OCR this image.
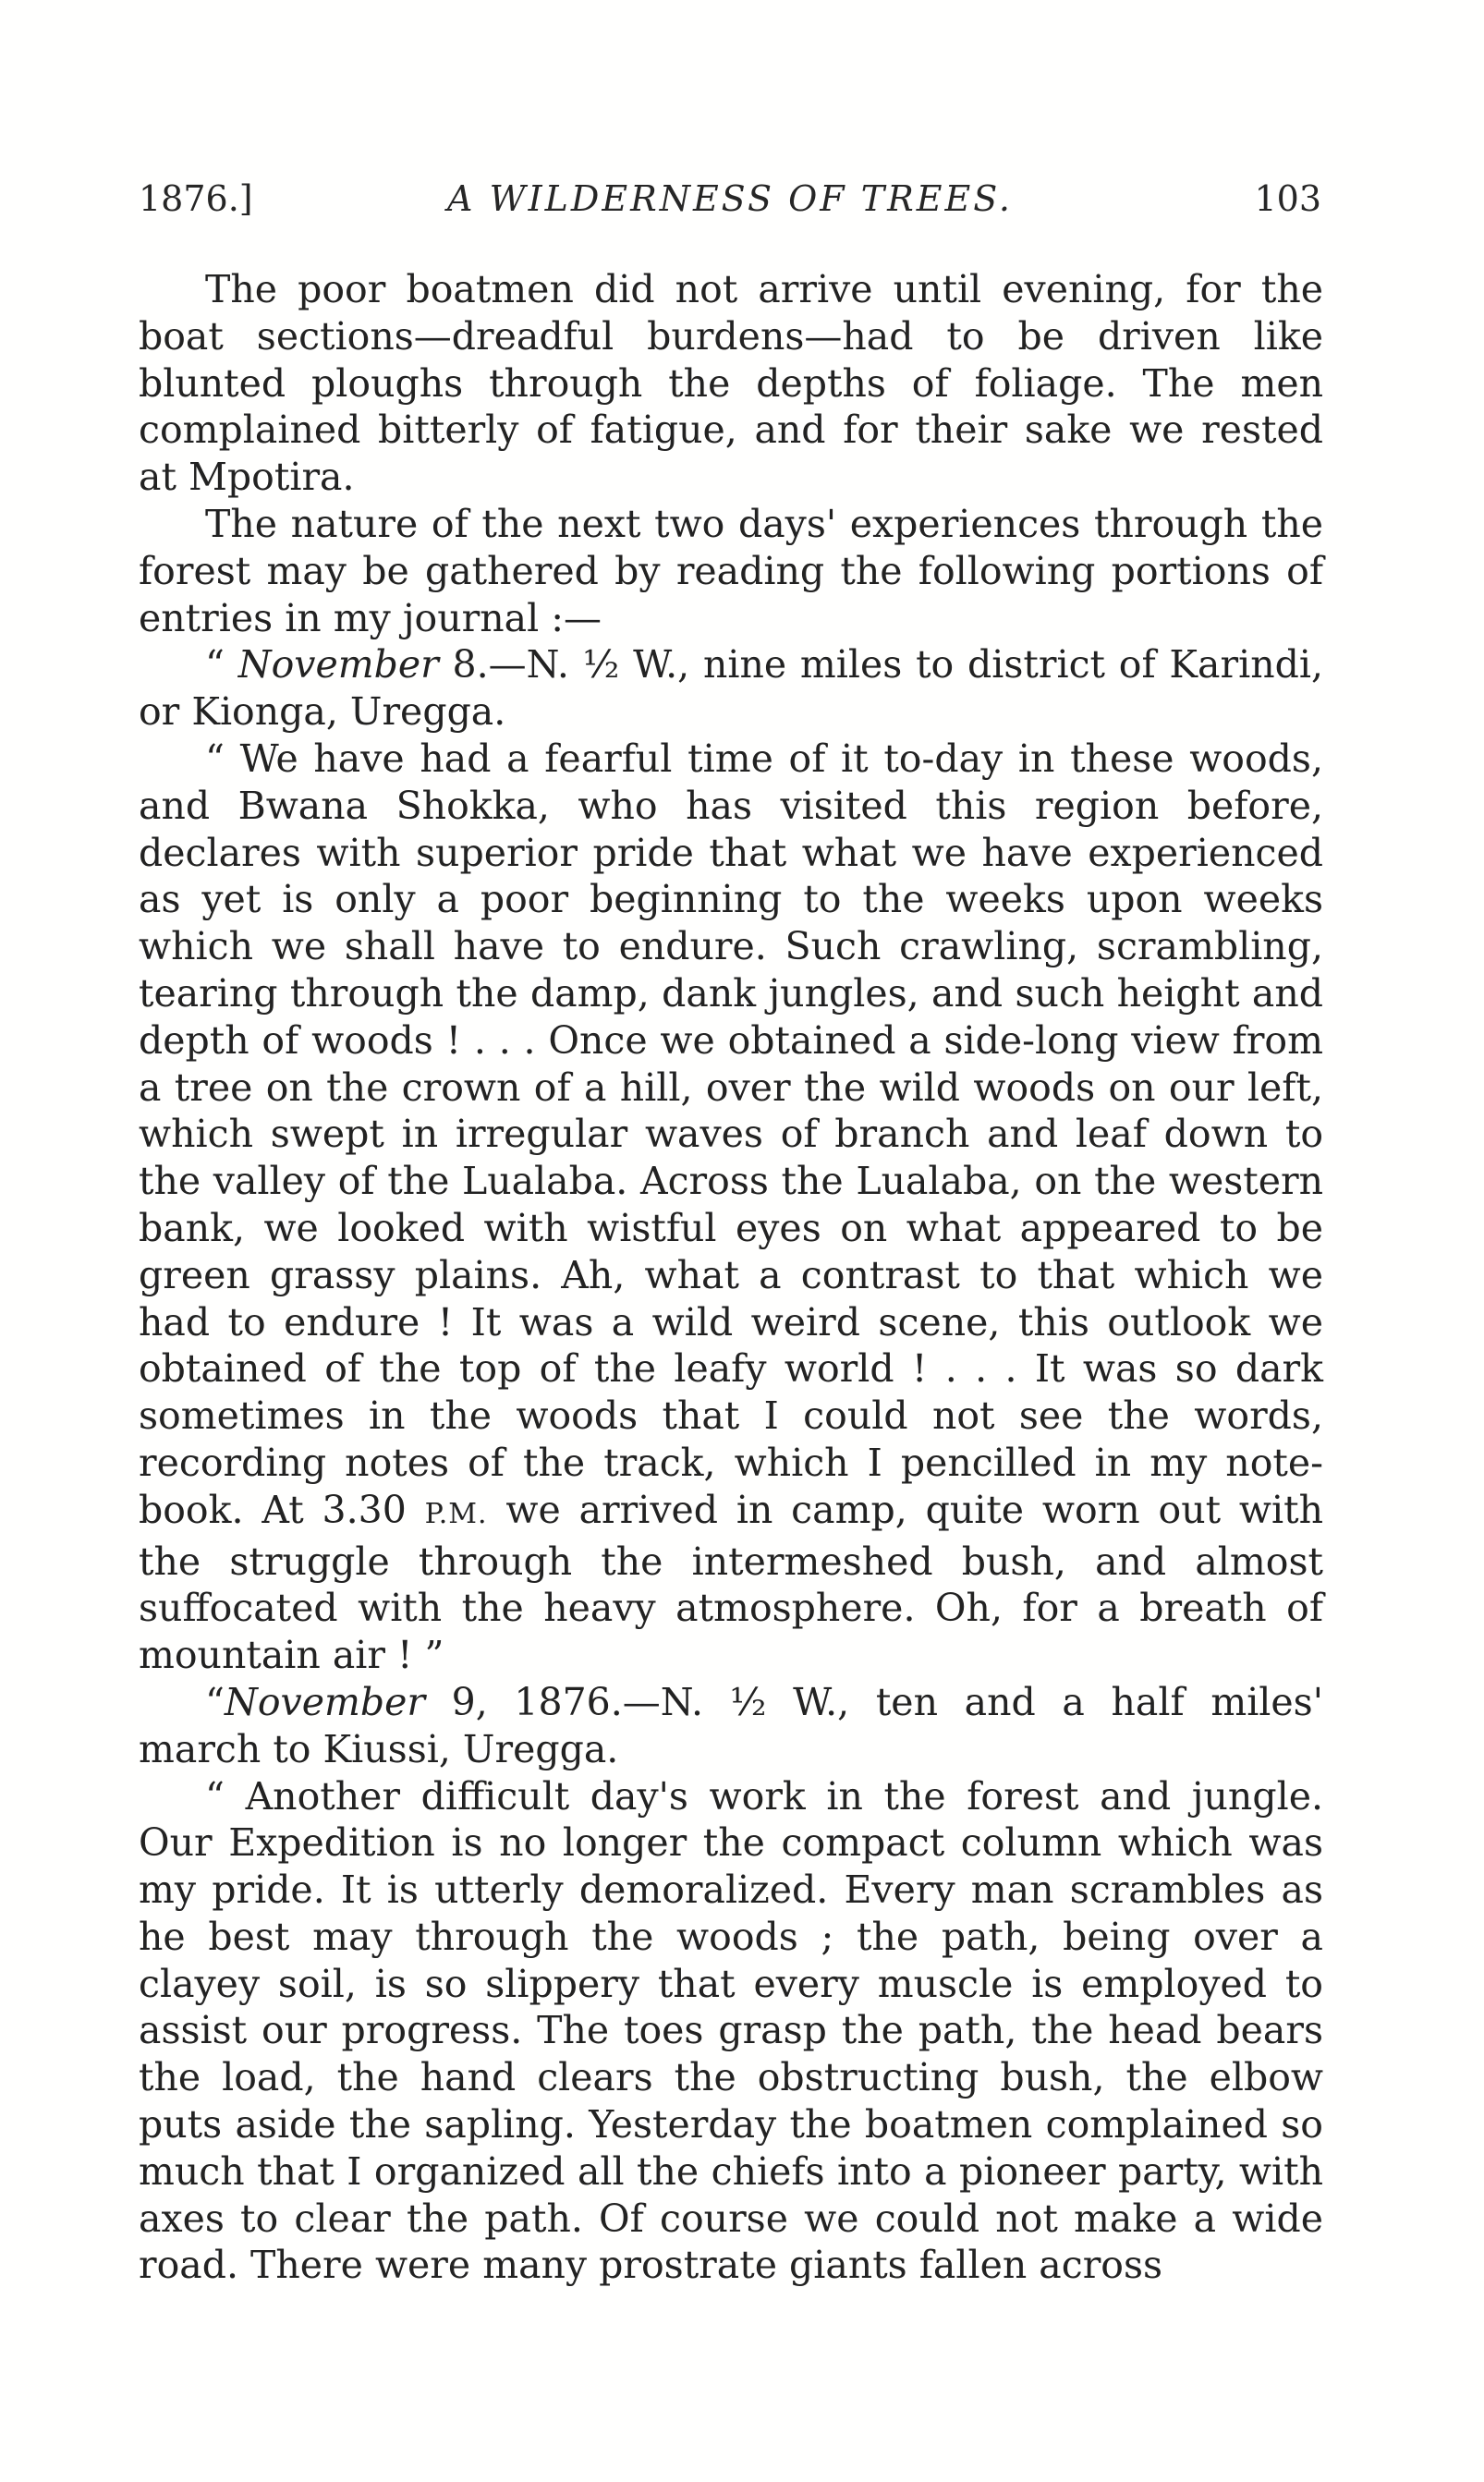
1876.]	A WILDERNESS OF TREES.	103

The poor boatmen did not arrive until evening, for the boat sections—dreadful burdens—had to be driven like blunted ploughs through the depths of foliage. The men complained bitterly of fatigue, and for their sake we rested at Mpotira.

The nature of the next two days' experiences through the forest may be gathered by reading the following portions of entries in my journal :—

“ November 8.—N. ½ W., nine miles to district of Karindi, or Kionga, Uregga.

“ We have had a fearful time of it to-day in these woods, and Bwana Shokka, who has visited this region before, declares with superior pride that what we have experienced as yet is only a poor beginning to the weeks upon weeks which we shall have to endure. Such crawling, scrambling, tearing through the damp, dank jungles, and such height and depth of woods ! . . . Once we obtained a side-long view from a tree on the crown of a hill, over the wild woods on our left, which swept in irregular waves of branch and leaf down to the valley of the Lualaba. Across the Lualaba, on the western bank, we looked with wistful eyes on what appeared to be green grassy plains. Ah, what a contrast to that which we had to endure ! It was a wild weird scene, this outlook we obtained of the top of the leafy world ! . . . It was so dark sometimes in the woods that I could not see the words, recording notes of the track, which I pencilled in my note-book. At 3.30 P.M. we arrived in camp, quite worn out with the struggle through the intermeshed bush, and almost suffocated with the heavy atmosphere. Oh, for a breath of mountain air ! ”

“November 9, 1876.—N. ½ W., ten and a half miles' march to Kiussi, Uregga.

“ Another difficult day's work in the forest and jungle. Our Expedition is no longer the compact column which was my pride. It is utterly demoralized. Every man scrambles as he best may through the woods ; the path, being over a clayey soil, is so slippery that every muscle is employed to assist our progress. The toes grasp the path, the head bears the load, the hand clears the obstructing bush, the elbow puts aside the sapling. Yesterday the boatmen complained so much that I organized all the chiefs into a pioneer party, with axes to clear the path. Of course we could not make a wide road. There were many prostrate giants fallen across
